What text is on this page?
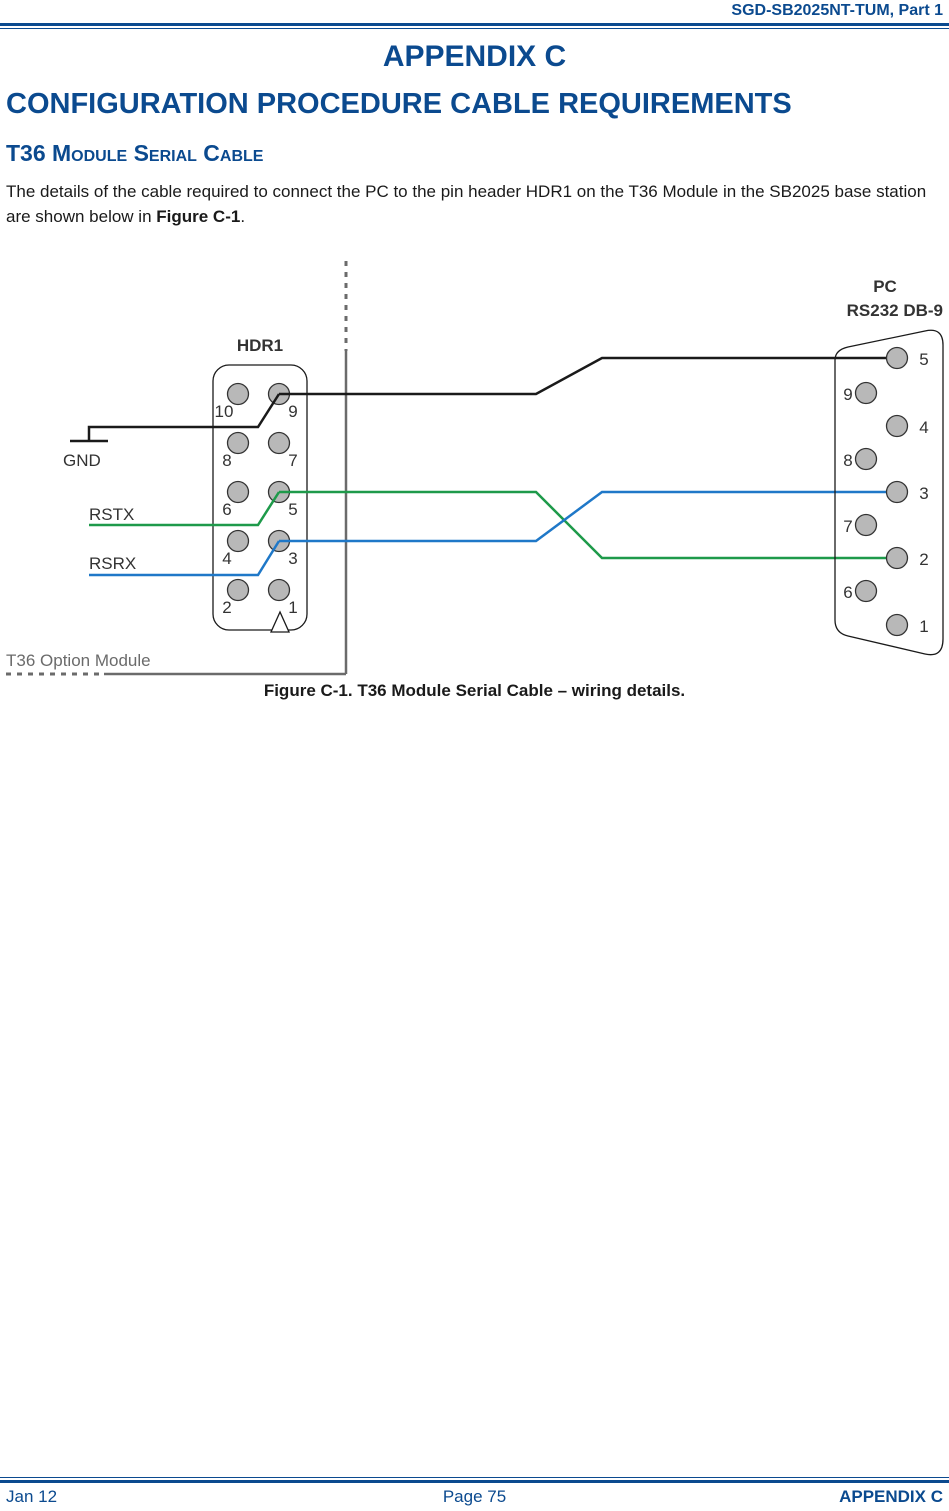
SGD-SB2025NT-TUM, Part 1
APPENDIX C
CONFIGURATION PROCEDURE CABLE REQUIREMENTS
T36 Module Serial Cable
The details of the cable required to connect the PC to the pin header HDR1 on the T36 Module in the SB2025 base station are shown below in Figure C-1.
T36 Option Module
HDR1
10
8
6
4
2
9
7
5
3
1
GND
RSTX
RSRX
PC
RS232 DB-9
5
4
3
2
1
9
8
7
6
Figure C-1. T36 Module Serial Cable – wiring details.
Jan 12	Page 75	APPENDIX C
